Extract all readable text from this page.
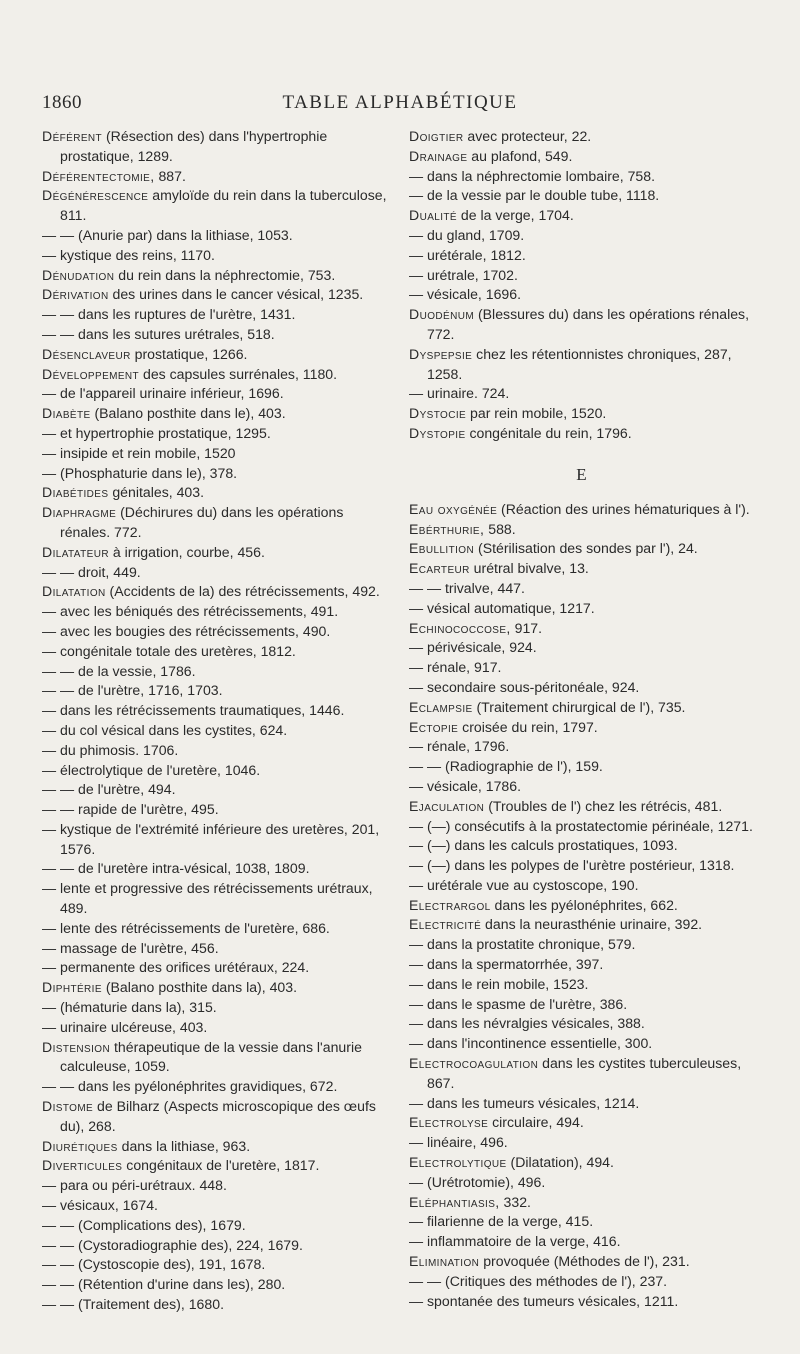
1860	TABLE ALPHABÉTIQUE

Déférent (Résection des) dans l'hypertrophie prostatique, 1289.

Déférentectomie, 887.

Dégénérescence amyloïde du rein dans la tuberculose, 811.

— — (Anurie par) dans la lithiase, 1053.

— kystique des reins, 1170.

Dénudation du rein dans la néphrectomie, 753.

Dérivation des urines dans le cancer vésical, 1235.

— — dans les ruptures de l'urètre, 1431.

— — dans les sutures urétrales, 518.

Désenclaveur prostatique, 1266.

Développement des capsules surrénales, 1180.

— de l'appareil urinaire inférieur, 1696.

Diabète (Balano posthite dans le), 403.

— et hypertrophie prostatique, 1295.

— insipide et rein mobile, 1520

— (Phosphaturie dans le), 378.

Diabétides génitales, 403.

Diaphragme (Déchirures du) dans les opérations rénales. 772.

Dilatateur à irrigation, courbe, 456.

— — droit, 449.

Dilatation (Accidents de la) des rétrécissements, 492.

— avec les béniqués des rétrécissements, 491.

— avec les bougies des rétrécissements, 490.

— congénitale totale des uretères, 1812.

— — de la vessie, 1786.

— — de l'urètre, 1716, 1703.

— dans les rétrécissements traumatiques, 1446.

— du col vésical dans les cystites, 624.

— du phimosis. 1706.

— électrolytique de l'uretère, 1046.

— — de l'urètre, 494.

— — rapide de l'urètre, 495.

— kystique de l'extrémité inférieure des uretères, 201, 1576.

— — de l'uretère intra-vésical, 1038, 1809.

— lente et progressive des rétrécissements urétraux, 489.

— lente des rétrécissements de l'uretère, 686.

— massage de l'urètre, 456.

— permanente des orifices urétéraux, 224.

Diphtérie (Balano posthite dans la), 403.

— (hématurie dans la), 315.

— urinaire ulcéreuse, 403.

Distension thérapeutique de la vessie dans l'anurie calculeuse, 1059.

— — dans les pyélonéphrites gravidiques, 672.

Distome de Bilharz (Aspects microscopique des œufs du), 268.

Diurétiques dans la lithiase, 963.

Diverticules congénitaux de l'uretère, 1817.

— para ou péri-urétraux. 448.

— vésicaux, 1674.

— — (Complications des), 1679.

— — (Cystoradiographie des), 224, 1679.

— — (Cystoscopie des), 191, 1678.

— — (Rétention d'urine dans les), 280.

— — (Traitement des), 1680.

Doigtier avec protecteur, 22.

Drainage au plafond, 549.

— dans la néphrectomie lombaire, 758.

— de la vessie par le double tube, 1118.

Dualité de la verge, 1704.

— du gland, 1709.

— urétérale, 1812.

— urétrale, 1702.

— vésicale, 1696.

Duodénum (Blessures du) dans les opérations rénales, 772.

Dyspepsie chez les rétentionnistes chroniques, 287, 1258.

— urinaire. 724.

Dystocie par rein mobile, 1520.

Dystopie congénitale du rein, 1796.

E

Eau oxygénée (Réaction des urines hématuriques à l').

Ebérthurie, 588.

Ebullition (Stérilisation des sondes par l'), 24.

Ecarteur urétral bivalve, 13.

— — trivalve, 447.

— vésical automatique, 1217.

Echinococcose, 917.

— périvésicale, 924.

— rénale, 917.

— secondaire sous-péritonéale, 924.

Eclampsie (Traitement chirurgical de l'), 735.

Ectopie croisée du rein, 1797.

— rénale, 1796.

— — (Radiographie de l'), 159.

— vésicale, 1786.

Ejaculation (Troubles de l') chez les rétrécis, 481.

— (—) consécutifs à la prostatectomie périnéale, 1271.

— (—) dans les calculs prostatiques, 1093.

— (—) dans les polypes de l'urètre postérieur, 1318.

— urétérale vue au cystoscope, 190.

Electrargol dans les pyélonéphrites, 662.

Electricité dans la neurasthénie urinaire, 392.

— dans la prostatite chronique, 579.

— dans la spermatorrhée, 397.

— dans le rein mobile, 1523.

— dans le spasme de l'urètre, 386.

— dans les névralgies vésicales, 388.

— dans l'incontinence essentielle, 300.

Electrocoagulation dans les cystites tuberculeuses, 867.

— dans les tumeurs vésicales, 1214.

Electrolyse circulaire, 494.

— linéaire, 496.

Electrolytique (Dilatation), 494.

— (Urétrotomie), 496.

Eléphantiasis, 332.

— filarienne de la verge, 415.

— inflammatoire de la verge, 416.

Elimination provoquée (Méthodes de l'), 231.

— — (Critiques des méthodes de l'), 237.

— spontanée des tumeurs vésicales, 1211.
